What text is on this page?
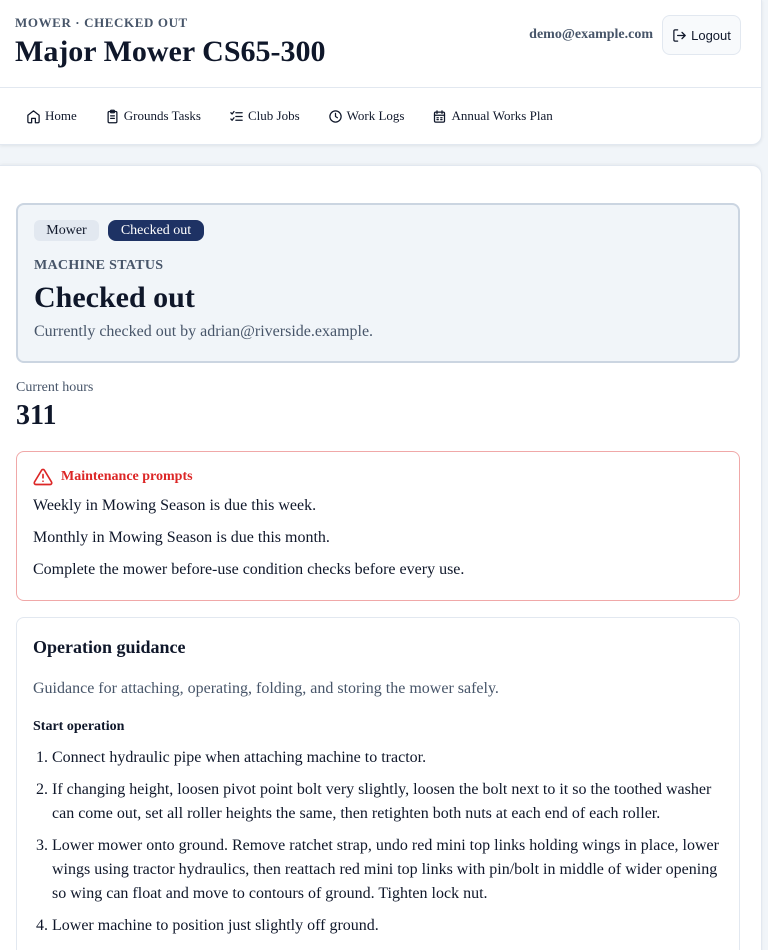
MOWER · CHECKED OUT
Major Mower CS65-300
demo@example.com	Logout
Home	Grounds Tasks	Club Jobs	Work Logs	Annual Works Plan
Mower	Checked out
MACHINE STATUS
Checked out
Currently checked out by adrian@riverside.example.
Current hours
311
Maintenance prompts
Weekly in Mowing Season is due this week.
Monthly in Mowing Season is due this month.
Complete the mower before-use condition checks before every use.
Operation guidance
Guidance for attaching, operating, folding, and storing the mower safely.
Start operation
1. Connect hydraulic pipe when attaching machine to tractor.
2. If changing height, loosen pivot point bolt very slightly, loosen the bolt next to it so the toothed washer can come out, set all roller heights the same, then retighten both nuts at each end of each roller.
3. Lower mower onto ground. Remove ratchet strap, undo red mini top links holding wings in place, lower wings using tractor hydraulics, then reattach red mini top links with pin/bolt in middle of wider opening so wing can float and move to contours of ground. Tighten lock nut.
4. Lower machine to position just slightly off ground.
